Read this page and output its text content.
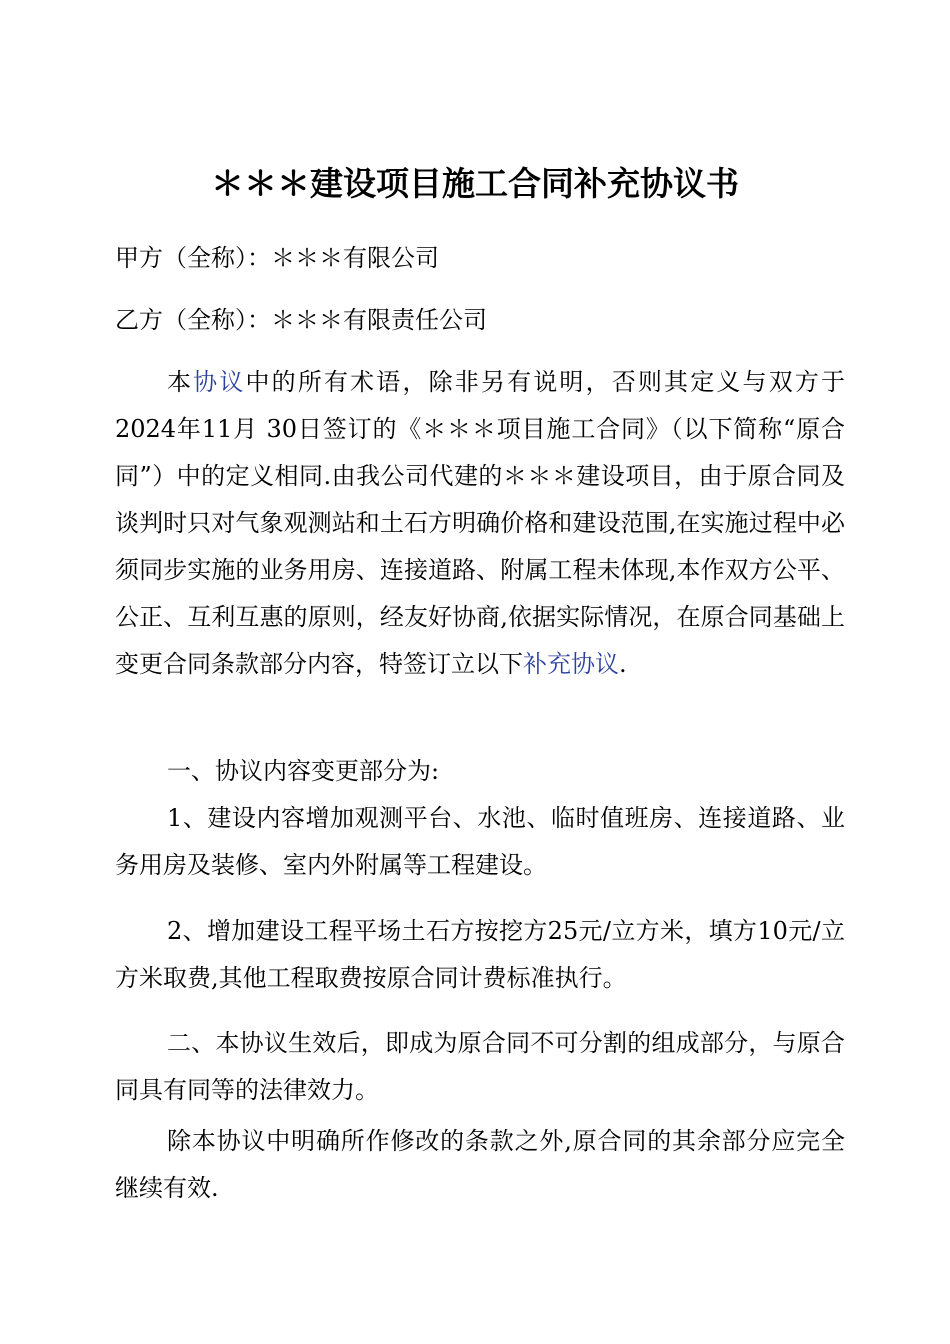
＊＊＊建设项目施工合同补充协议书

甲方（全称）：＊＊＊有限公司

乙方（全称）：＊＊＊有限责任公司

本协议中的所有术语，除非另有说明，否则其定义与双方于2024年11月 30日签订的《＊＊＊项目施工合同》（以下简称“原合同”）中的定义相同.由我公司代建的＊＊＊建设项目，由于原合同及谈判时只对气象观测站和土石方明确价格和建设范围,在实施过程中必须同步实施的业务用房、连接道路、附属工程未体现,本作双方公平、公正、互利互惠的原则，经友好协商,依据实际情况，在原合同基础上变更合同条款部分内容，特签订立以下补充协议.

一、协议内容变更部分为:

1、建设内容增加观测平台、水池、临时值班房、连接道路、业务用房及装修、室内外附属等工程建设。

2、增加建设工程平场土石方按挖方25元/立方米，填方10元/立方米取费,其他工程取费按原合同计费标准执行。

二、本协议生效后，即成为原合同不可分割的组成部分，与原合同具有同等的法律效力。

除本协议中明确所作修改的条款之外,原合同的其余部分应完全继续有效.
